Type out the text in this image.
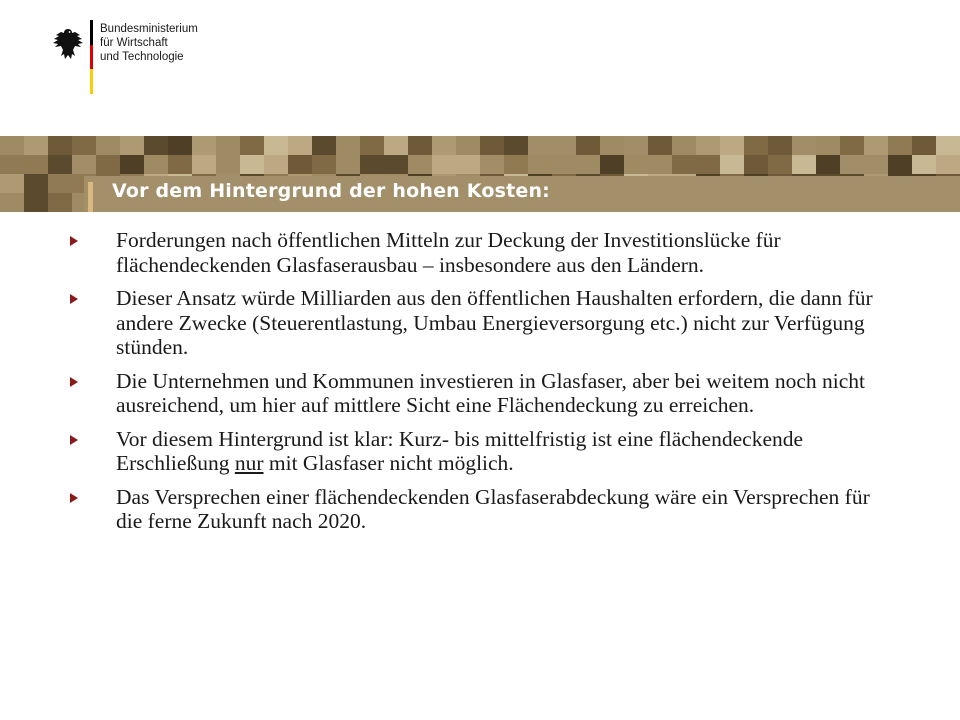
Bundesministerium
für Wirtschaft
und Technologie
Vor dem Hintergrund der hohen Kosten:
Forderungen nach öffentlichen Mitteln zur Deckung der Investitionslücke für flächendeckenden Glasfaserausbau – insbesondere aus den Ländern.
Dieser Ansatz würde Milliarden aus den öffentlichen Haushalten erfordern, die dann für andere Zwecke (Steuerentlastung, Umbau Energieversorgung etc.) nicht zur Verfügung stünden.
Die Unternehmen und Kommunen investieren in Glasfaser, aber bei weitem noch nicht ausreichend, um hier auf mittlere Sicht eine Flächendeckung zu erreichen.
Vor diesem Hintergrund ist klar: Kurz- bis mittelfristig ist eine flächendeckende Erschließung nur mit Glasfaser nicht möglich.
Das Versprechen einer flächendeckenden Glasfaserabdeckung wäre ein Versprechen für die ferne Zukunft nach 2020.
